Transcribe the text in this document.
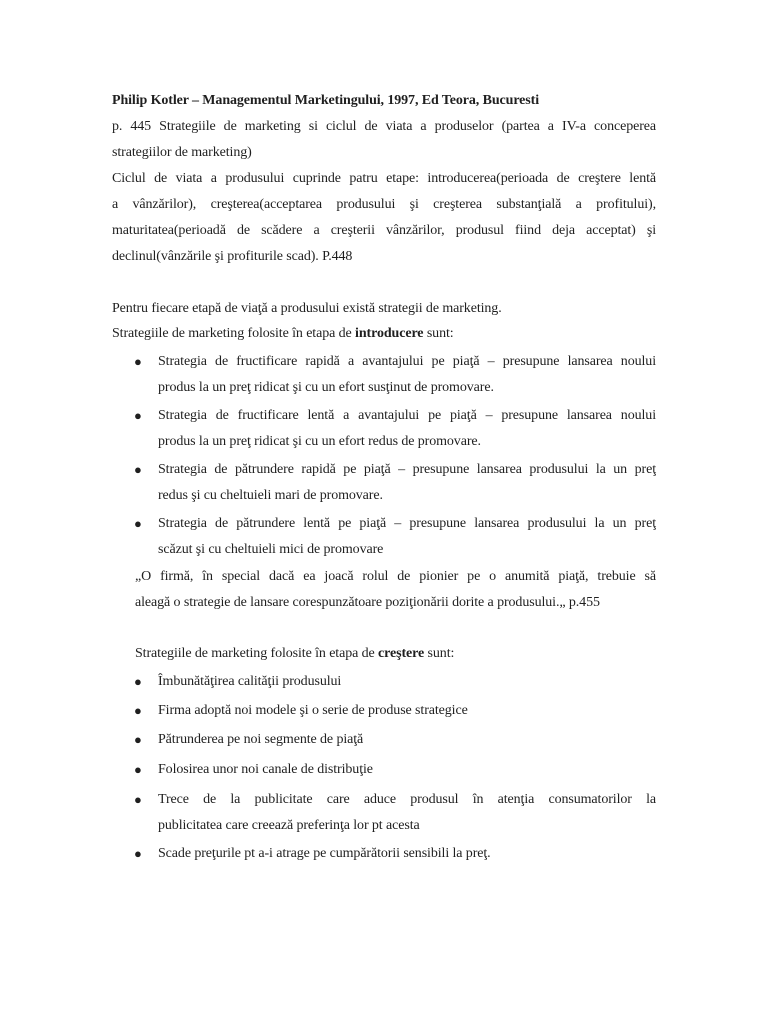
Philip Kotler – Managementul Marketingului, 1997, Ed Teora, Bucuresti
p. 445 Strategiile de marketing si ciclul de viata a produselor (partea a IV-a conceperea
strategiilor de marketing)
Ciclul de viata a produsului cuprinde patru etape: introducerea(perioada de creştere lentă
a vânzărilor), creşterea(acceptarea produsului şi creşterea substanţială a profitului),
maturitatea(perioadă de scădere a creşterii vânzărilor, produsul fiind deja acceptat) şi
declinul(vânzările şi profiturile scad). P.448
Pentru fiecare etapă de viaţă a produsului există strategii de marketing.
Strategiile de marketing folosite în etapa de introducere sunt:
●	Strategia de fructificare rapidă a avantajului pe piaţă – presupune lansarea noului
produs la un preţ ridicat şi cu un efort susţinut de promovare.
●	Strategia de fructificare lentă a avantajului pe piaţă – presupune lansarea noului
produs la un preţ ridicat şi cu un efort redus de promovare.
●	Strategia de pătrundere rapidă pe piaţă – presupune lansarea produsului la un preţ
redus şi cu cheltuieli mari de promovare.
●	Strategia de pătrundere lentă pe piaţă – presupune lansarea produsului la un preţ
scăzut şi cu cheltuieli mici de promovare
„O firmă, în special dacă ea joacă rolul de pionier pe o anumită piaţă, trebuie să
aleagă o strategie de lansare corespunzătoare poziţionării dorite a produsului.„ p.455
Strategiile de marketing folosite în etapa de creştere sunt:
●	Îmbunătăţirea calităţii produsului
●	Firma adoptă noi modele şi o serie de produse strategice
●	Pătrunderea pe noi segmente de piaţă
●	Folosirea unor noi canale de distribuţie
●	Trece de la publicitate care aduce produsul în atenţia consumatorilor la
publicitatea care creează preferinţa lor pt acesta
●	Scade preţurile pt a-i atrage pe cumpărătorii sensibili la preţ.
